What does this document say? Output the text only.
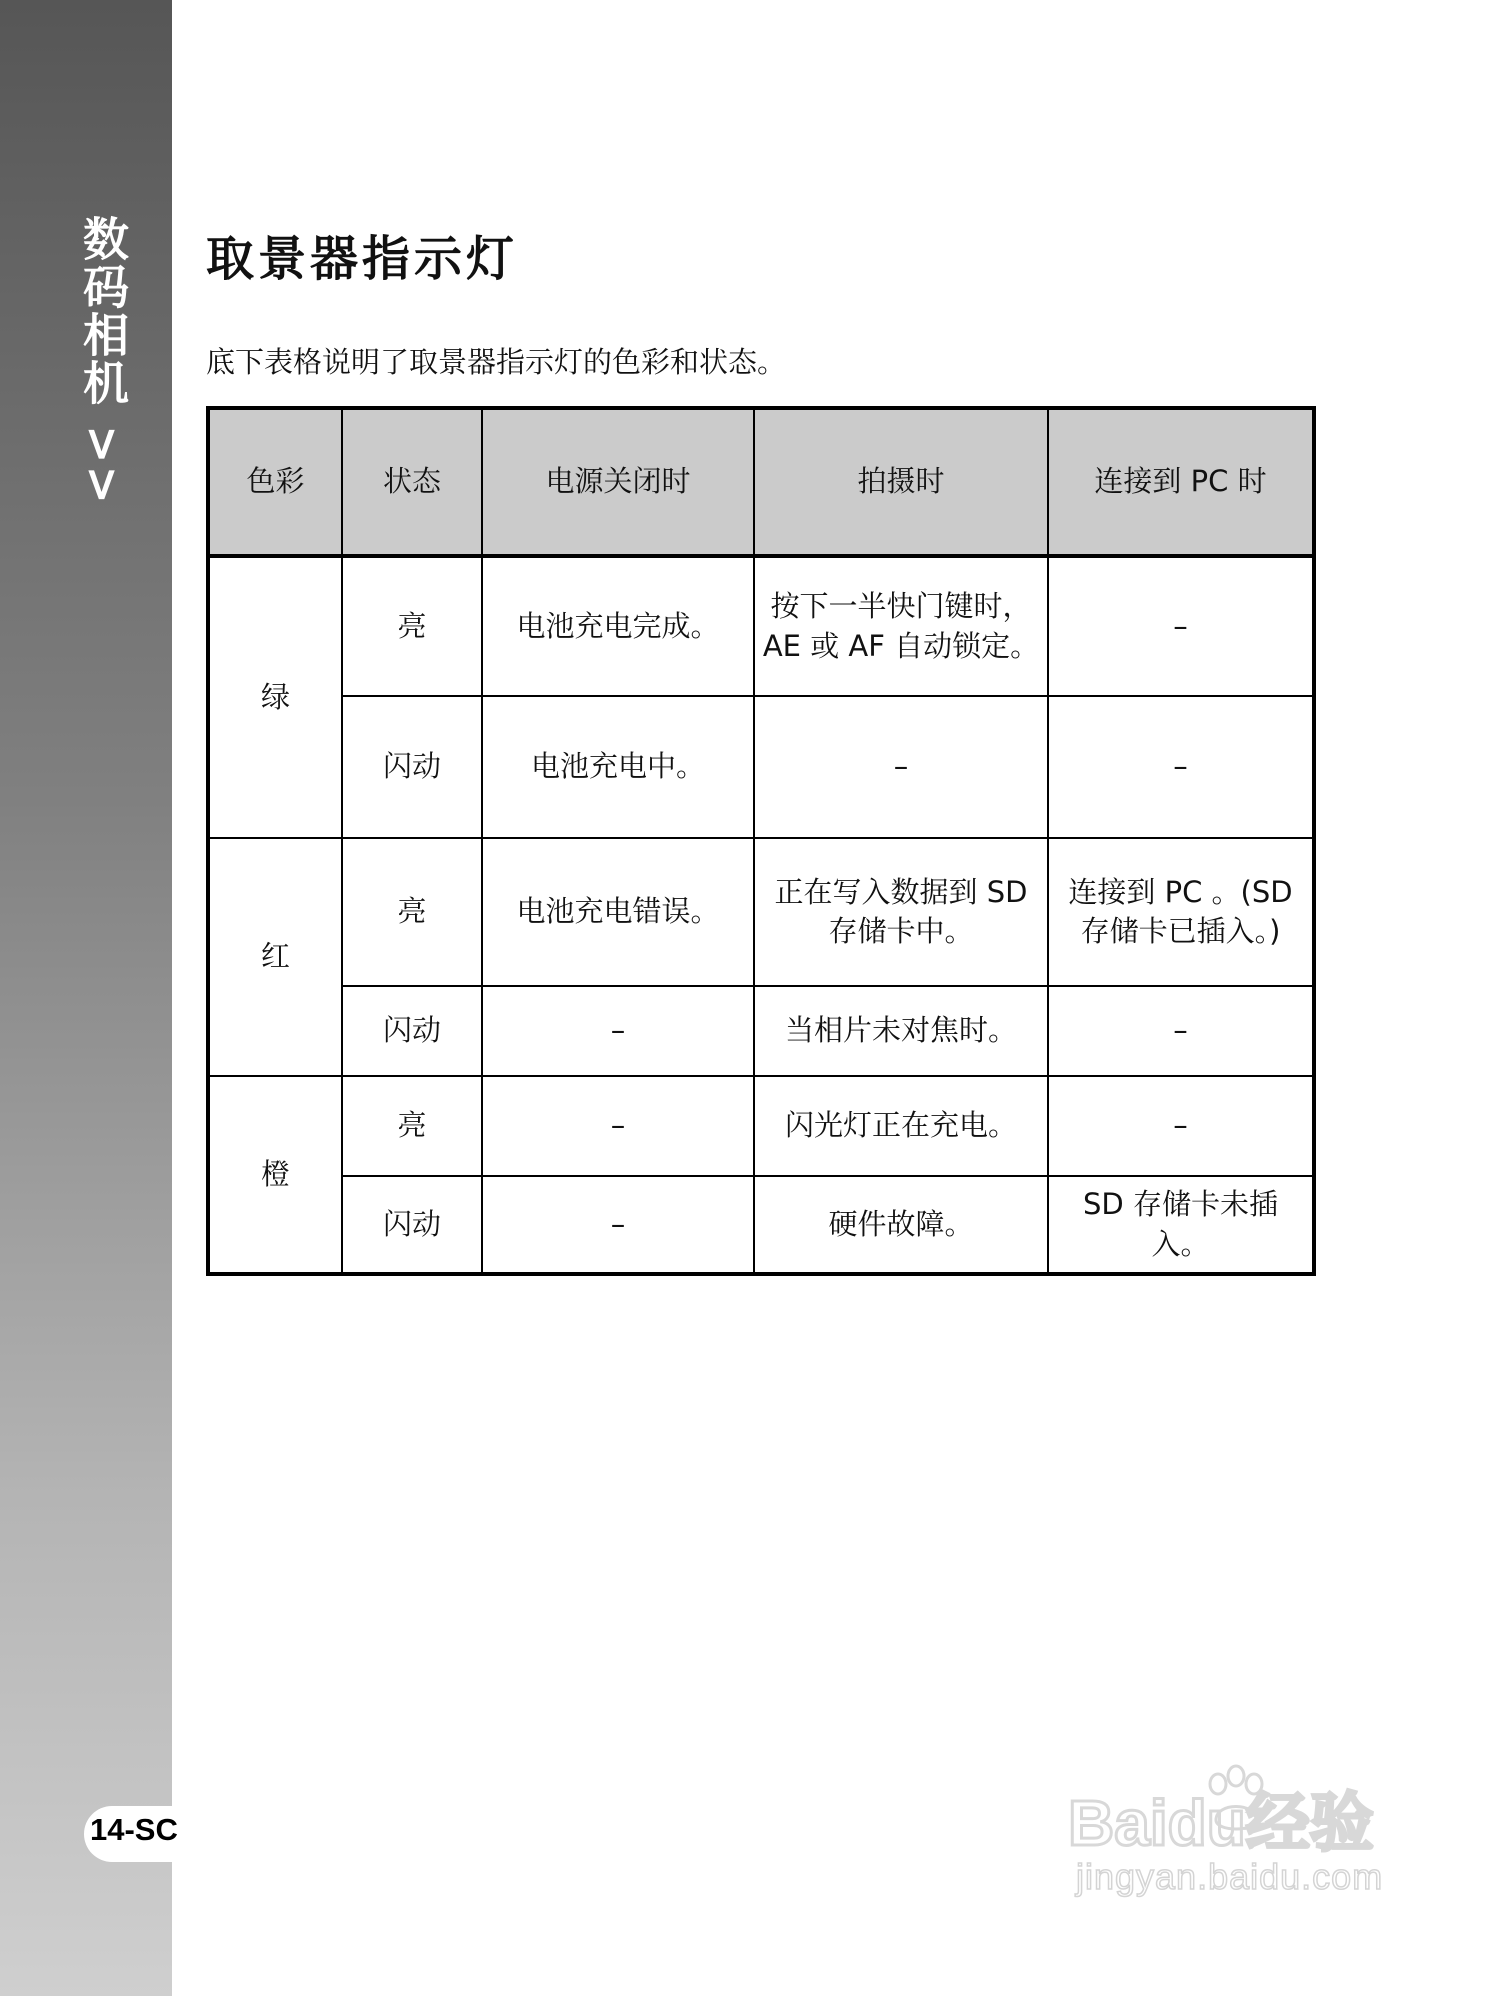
数码相机 >>
14-SC
取景器指示灯

底下表格说明了取景器指示灯的色彩和状态。

色彩	状态	电源关闭时	拍摄时	连接到 PC 时
绿	亮	电池充电完成。	按下一半快门键时，AE 或 AF 自动锁定。	–
	闪动	电池充电中。	–	–
红	亮	电池充电错误。	正在写入数据到 SD 存储卡中。	连接到 PC 。(SD 存储卡已插入。)
	闪动	–	当相片未对焦时。	–
橙	亮	–	闪光灯正在充电。	–
	闪动	–	硬件故障。	SD 存储卡未插入。
Baidu经验
jingyan.baidu.com
